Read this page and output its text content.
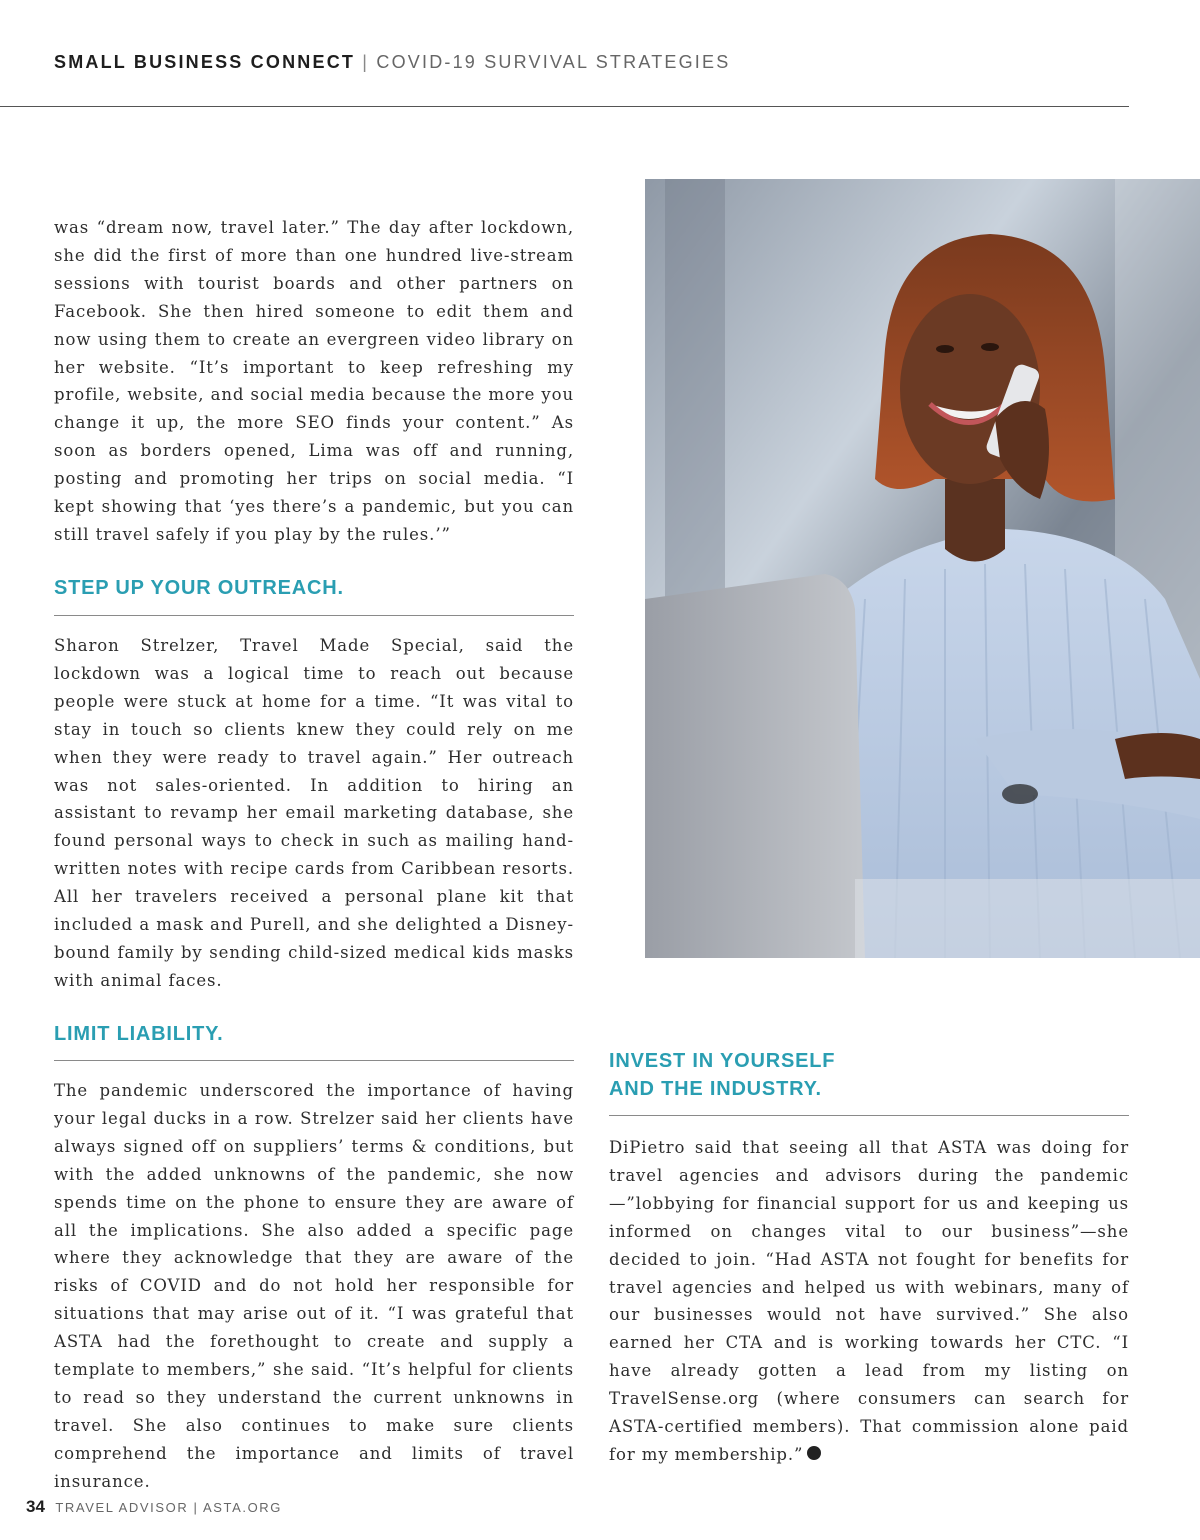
SMALL BUSINESS CONNECT | COVID-19 SURVIVAL STRATEGIES

was “dream now, travel later.” The day after lockdown, she did the first of more than one hundred live-stream sessions with tourist boards and other partners on Facebook. She then hired someone to edit them and now using them to create an evergreen video library on her website. “It’s important to keep refreshing my profile, website, and social media because the more you change it up, the more SEO finds your content.” As soon as borders opened, Lima was off and running, posting and promoting her trips on social media. “I kept showing that ‘yes there’s a pandemic, but you can still travel safely if you play by the rules.’”

STEP UP YOUR OUTREACH.

Sharon Strelzer, Travel Made Special, said the lockdown was a logical time to reach out because people were stuck at home for a time. “It was vital to stay in touch so clients knew they could rely on me when they were ready to travel again.” Her outreach was not sales-oriented. In addition to hiring an assistant to revamp her email marketing database, she found personal ways to check in such as mailing hand-written notes with recipe cards from Caribbean resorts. All her travelers received a personal plane kit that included a mask and Purell, and she delighted a Disney-bound family by sending child-sized medical kids masks with animal faces.

LIMIT LIABILITY.

The pandemic underscored the importance of having your legal ducks in a row. Strelzer said her clients have always signed off on suppliers’ terms & conditions, but with the added unknowns of the pandemic, she now spends time on the phone to ensure they are aware of all the implications. She also added a specific page where they acknowledge that they are aware of the risks of COVID and do not hold her responsible for situations that may arise out of it. “I was grateful that ASTA had the forethought to create and supply a template to members,” she said. “It’s helpful for clients to read so they understand the current unknowns in travel. She also continues to make sure clients comprehend the importance and limits of travel insurance.

INVEST IN YOURSELF
AND THE INDUSTRY.

DiPietro said that seeing all that ASTA was doing for travel agencies and advisors during the pandemic—”lobbying for financial support for us and keeping us informed on changes vital to our business”—she decided to join. “Had ASTA not fought for benefits for travel agencies and helped us with webinars, many of our businesses would not have survived.” She also earned her CTA and is working towards her CTC. “I have already gotten a lead from my listing on TravelSense.org (where consumers can search for ASTA-certified members). That commission alone paid for my membership.”

34 TRAVEL ADVISOR | ASTA.ORG
